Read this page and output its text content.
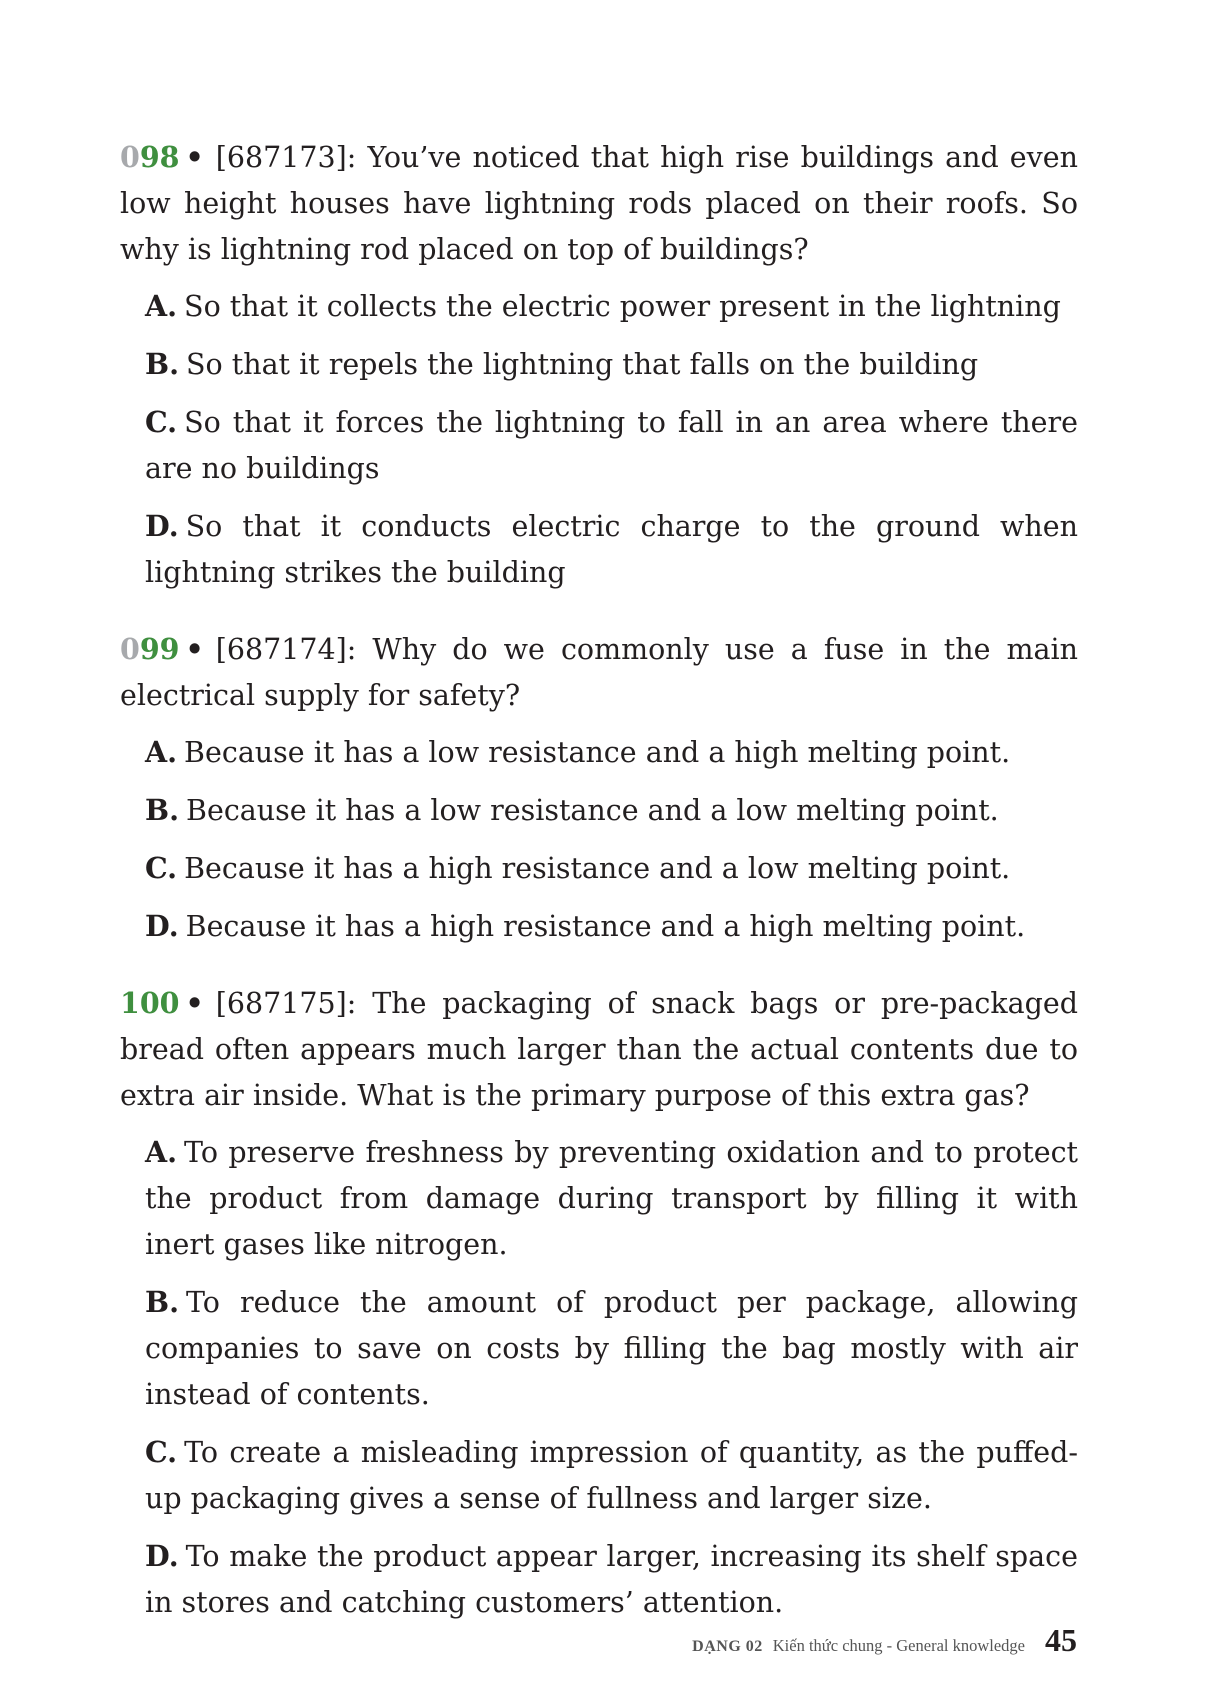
098 • [687173]: You’ve noticed that high rise buildings and even low height houses have lightning rods placed on their roofs. So why is lightning rod placed on top of buildings?

A. So that it collects the electric power present in the lightning
B. So that it repels the lightning that falls on the building
C. So that it forces the lightning to fall in an area where there are no buildings
D. So that it conducts electric charge to the ground when lightning strikes the building

099 • [687174]: Why do we commonly use a fuse in the main electrical supply for safety?

A. Because it has a low resistance and a high melting point.
B. Because it has a low resistance and a low melting point.
C. Because it has a high resistance and a low melting point.
D. Because it has a high resistance and a high melting point.

100 • [687175]: The packaging of snack bags or pre-packaged bread often appears much larger than the actual contents due to extra air inside. What is the primary purpose of this extra gas?

A. To preserve freshness by preventing oxidation and to protect the product from damage during transport by filling it with inert gases like nitrogen.
B. To reduce the amount of product per package, allowing companies to save on costs by filling the bag mostly with air instead of contents.
C. To create a misleading impression of quantity, as the puffed-up packaging gives a sense of fullness and larger size.
D. To make the product appear larger, increasing its shelf space in stores and catching customers’ attention.
DẠNG 02 Kiến thức chung - General knowledge 45
